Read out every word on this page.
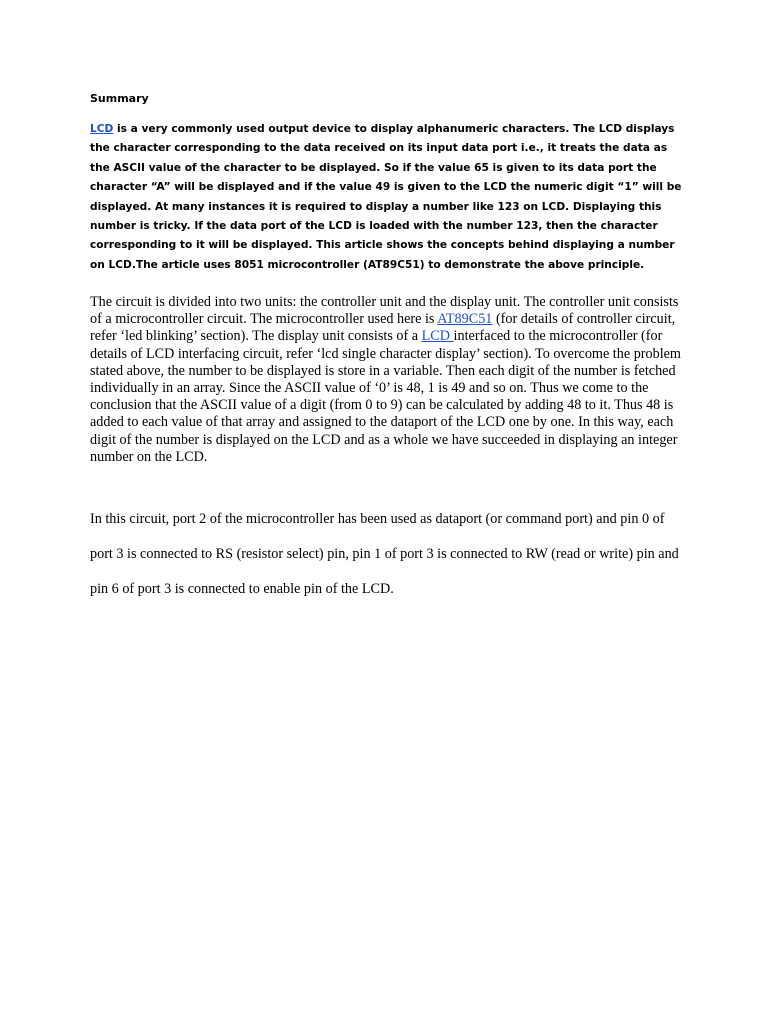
Summary

LCD is a very commonly used output device to display alphanumeric characters. The LCD displays the character corresponding to the data received on its input data port i.e., it treats the data as the ASCII value of the character to be displayed. So if the value 65 is given to its data port the character “A” will be displayed and if the value 49 is given to the LCD the numeric digit “1” will be displayed. At many instances it is required to display a number like 123 on LCD. Displaying this number is tricky. If the data port of the LCD is loaded with the number 123, then the character corresponding to it will be displayed. This article shows the concepts behind displaying a number on LCD.The article uses 8051 microcontroller (AT89C51) to demonstrate the above principle.

The circuit is divided into two units: the controller unit and the display unit. The controller unit consists of a microcontroller circuit. The microcontroller used here is AT89C51 (for details of controller circuit, refer ‘led blinking’ section). The display unit consists of a LCD interfaced to the microcontroller (for details of LCD interfacing circuit, refer ‘lcd single character display’ section). To overcome the problem stated above, the number to be displayed is store in a variable. Then each digit of the number is fetched individually in an array. Since the ASCII value of ‘0’ is 48, 1 is 49 and so on. Thus we come to the conclusion that the ASCII value of a digit (from 0 to 9) can be calculated by adding 48 to it. Thus 48 is added to each value of that array and assigned to the dataport of the LCD one by one. In this way, each digit of the number is displayed on the LCD and as a whole we have succeeded in displaying an integer number on the LCD.

In this circuit, port 2 of the microcontroller has been used as dataport (or command port) and pin 0 of port 3 is connected to RS (resistor select) pin, pin 1 of port 3 is connected to RW (read or write) pin and pin 6 of port 3 is connected to enable pin of the LCD.
